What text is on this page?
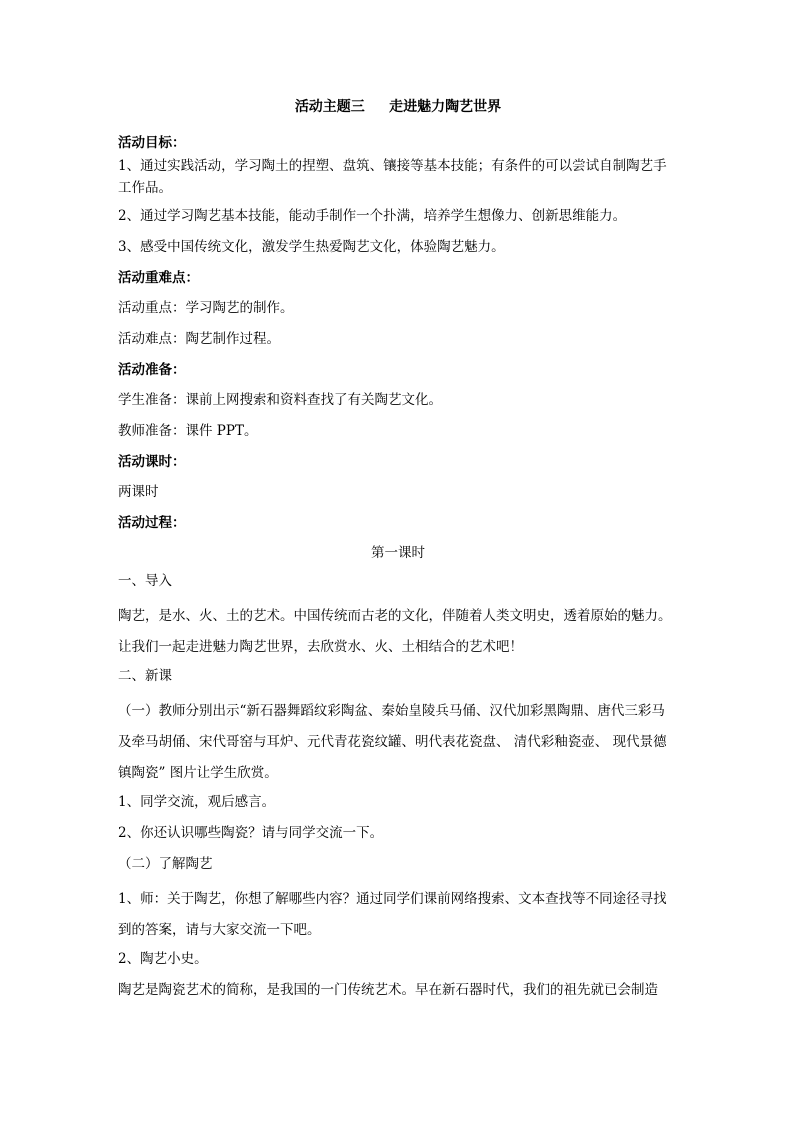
活动主题三     走进魅力陶艺世界
活动目标：
1、通过实践活动，学习陶土的捏塑、盘筑、镶接等基本技能；有条件的可以尝试自制陶艺手工作品。
2、通过学习陶艺基本技能，能动手制作一个扑满，培养学生想像力、创新思维能力。
3、感受中国传统文化，激发学生热爱陶艺文化，体验陶艺魅力。
活动重难点：
活动重点：学习陶艺的制作。
活动难点：陶艺制作过程。
活动准备：
学生准备：课前上网搜索和资料查找了有关陶艺文化。
教师准备：课件 PPT。
活动课时：
两课时
活动过程：
第一课时
一、导入
陶艺，是水、火、土的艺术。中国传统而古老的文化，伴随着人类文明史，透着原始的魅力。让我们一起走进魅力陶艺世界，去欣赏水、火、土相结合的艺术吧！
二、新课
（一）教师分别出示“新石器舞蹈纹彩陶盆、秦始皇陵兵马俑、汉代加彩黑陶鼎、唐代三彩马及牵马胡俑、宋代哥窑与耳炉、元代青花瓷纹罐、明代表花瓷盘、 清代彩釉瓷壶、 现代景德镇陶瓷” 图片让学生欣赏。
1、同学交流，观后感言。
2、你还认识哪些陶瓷？请与同学交流一下。
（二）了解陶艺
1、师：关于陶艺，你想了解哪些内容？通过同学们课前网络搜索、文本查找等不同途径寻找到的答案，请与大家交流一下吧。
2、陶艺小史。
陶艺是陶瓷艺术的简称，是我国的一门传统艺术。早在新石器时代，我们的祖先就已会制造
